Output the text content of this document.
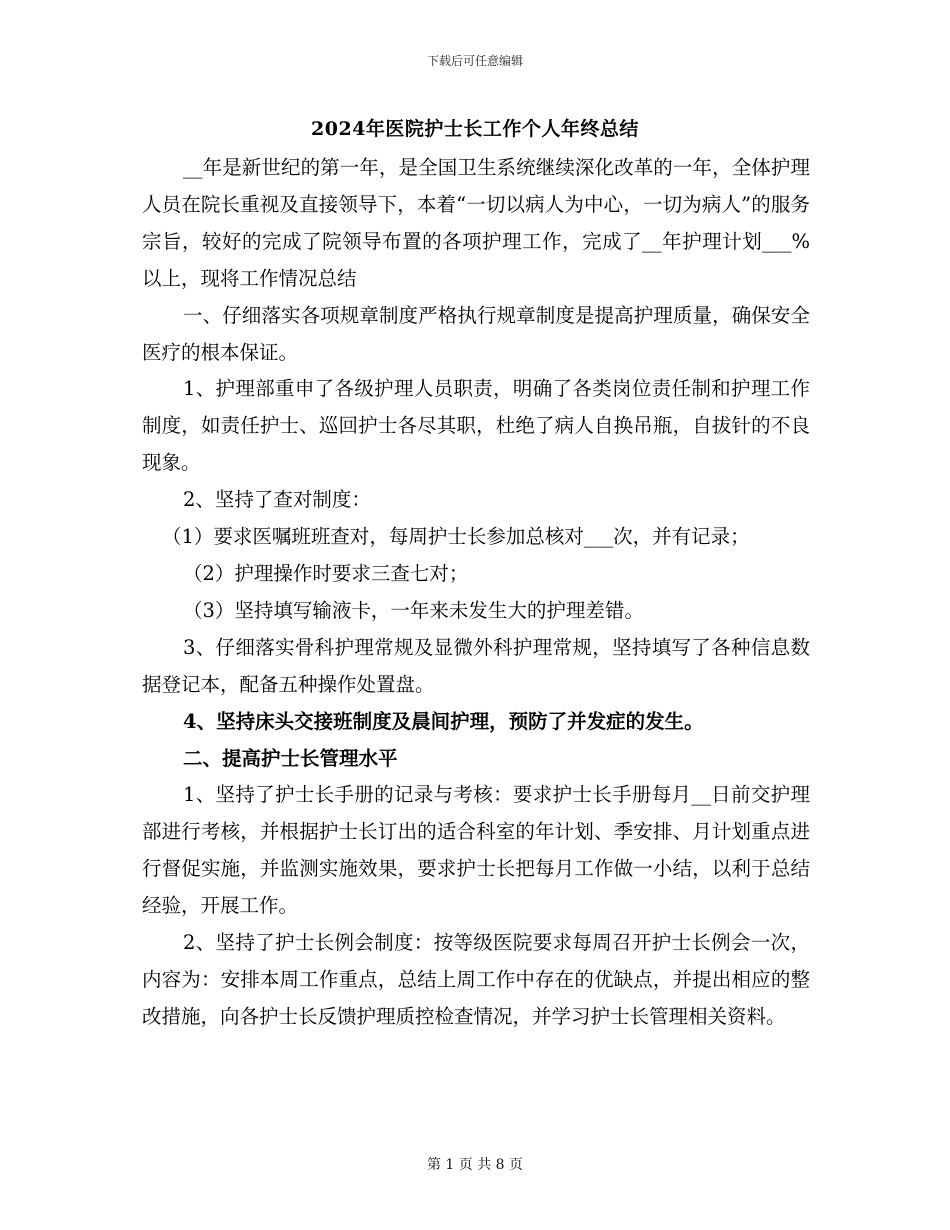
下载后可任意编辑
2024年医院护士长工作个人年终总结

__年是新世纪的第一年，是全国卫生系统继续深化改革的一年，全体护理人员在院长重视及直接领导下，本着“一切以病人为中心，一切为病人”的服务宗旨，较好的完成了院领导布置的各项护理工作，完成了__年护理计划___%以上，现将工作情况总结

一、仔细落实各项规章制度严格执行规章制度是提高护理质量，确保安全医疗的根本保证。

1、护理部重申了各级护理人员职责，明确了各类岗位责任制和护理工作制度，如责任护士、巡回护士各尽其职，杜绝了病人自换吊瓶，自拔针的不良现象。

2、坚持了查对制度：

（1）要求医嘱班班查对，每周护士长参加总核对___次，并有记录；

（2）护理操作时要求三查七对；

（3）坚持填写输液卡，一年来未发生大的护理差错。

3、仔细落实骨科护理常规及显微外科护理常规，坚持填写了各种信息数据登记本，配备五种操作处置盘。

4、坚持床头交接班制度及晨间护理，预防了并发症的发生。

二、提高护士长管理水平

1、坚持了护士长手册的记录与考核：要求护士长手册每月__日前交护理部进行考核，并根据护士长订出的适合科室的年计划、季安排、月计划重点进行督促实施，并监测实施效果，要求护士长把每月工作做一小结，以利于总结经验，开展工作。

2、坚持了护士长例会制度：按等级医院要求每周召开护士长例会一次，内容为：安排本周工作重点，总结上周工作中存在的优缺点，并提出相应的整改措施，向各护士长反馈护理质控检查情况，并学习护士长管理相关资料。

第 1 页 共 8 页
